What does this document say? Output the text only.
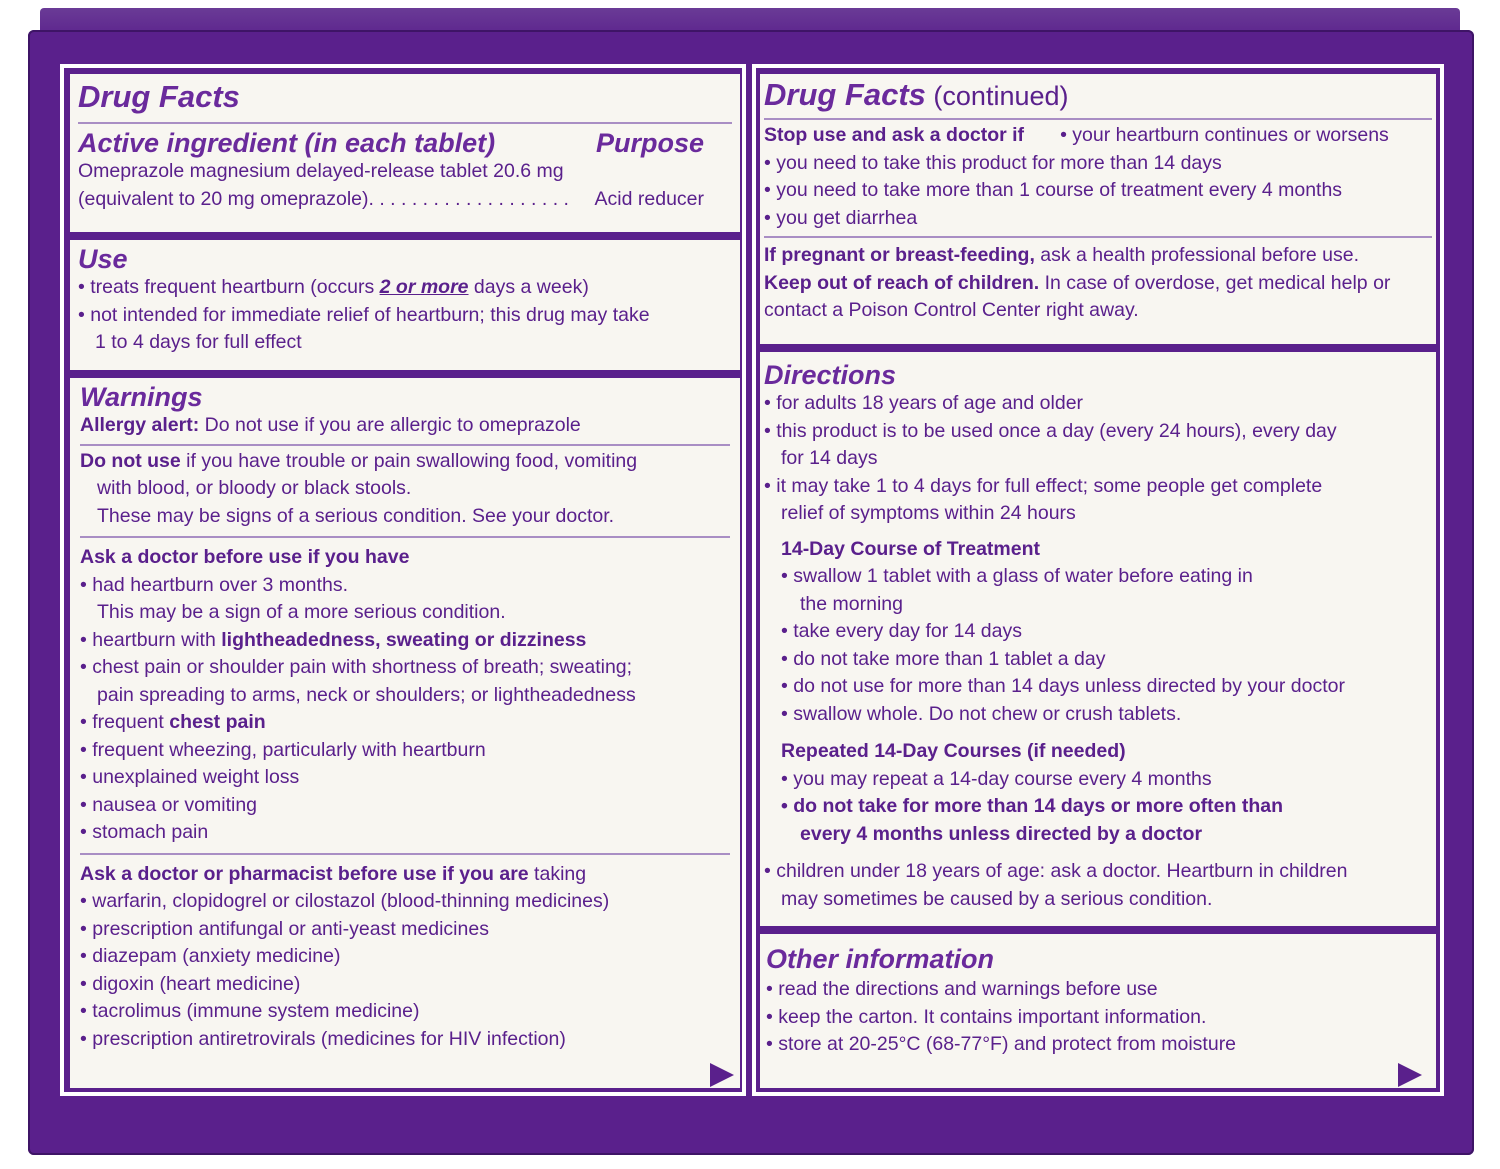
Drug Facts
Active ingredient (in each tablet)	Purpose
Omeprazole magnesium delayed-release tablet 20.6 mg
(equivalent to 20 mg omeprazole). . . . . . . . . . . . . . . . . . . Acid reducer
Use
• treats frequent heartburn (occurs 2 or more days a week)
• not intended for immediate relief of heartburn; this drug may take
1 to 4 days for full effect
Warnings
Allergy alert: Do not use if you are allergic to omeprazole
Do not use if you have trouble or pain swallowing food, vomiting
with blood, or bloody or black stools.
These may be signs of a serious condition. See your doctor.
Ask a doctor before use if you have
• had heartburn over 3 months.
This may be a sign of a more serious condition.
• heartburn with lightheadedness, sweating or dizziness
• chest pain or shoulder pain with shortness of breath; sweating;
pain spreading to arms, neck or shoulders; or lightheadedness
• frequent chest pain
• frequent wheezing, particularly with heartburn
• unexplained weight loss
• nausea or vomiting
• stomach pain
Ask a doctor or pharmacist before use if you are taking
• warfarin, clopidogrel or cilostazol (blood-thinning medicines)
• prescription antifungal or anti-yeast medicines
• diazepam (anxiety medicine)
• digoxin (heart medicine)
• tacrolimus (immune system medicine)
• prescription antiretrovirals (medicines for HIV infection)
Drug Facts (continued)
Stop use and ask a doctor if • your heartburn continues or worsens
• you need to take this product for more than 14 days
• you need to take more than 1 course of treatment every 4 months
• you get diarrhea
If pregnant or breast-feeding, ask a health professional before use.
Keep out of reach of children. In case of overdose, get medical help or
contact a Poison Control Center right away.
Directions
• for adults 18 years of age and older
• this product is to be used once a day (every 24 hours), every day
for 14 days
• it may take 1 to 4 days for full effect; some people get complete
relief of symptoms within 24 hours
14-Day Course of Treatment
• swallow 1 tablet with a glass of water before eating in
the morning
• take every day for 14 days
• do not take more than 1 tablet a day
• do not use for more than 14 days unless directed by your doctor
• swallow whole. Do not chew or crush tablets.
Repeated 14-Day Courses (if needed)
• you may repeat a 14-day course every 4 months
• do not take for more than 14 days or more often than
every 4 months unless directed by a doctor
• children under 18 years of age: ask a doctor. Heartburn in children
may sometimes be caused by a serious condition.
Other information
• read the directions and warnings before use
• keep the carton. It contains important information.
• store at 20-25°C (68-77°F) and protect from moisture
